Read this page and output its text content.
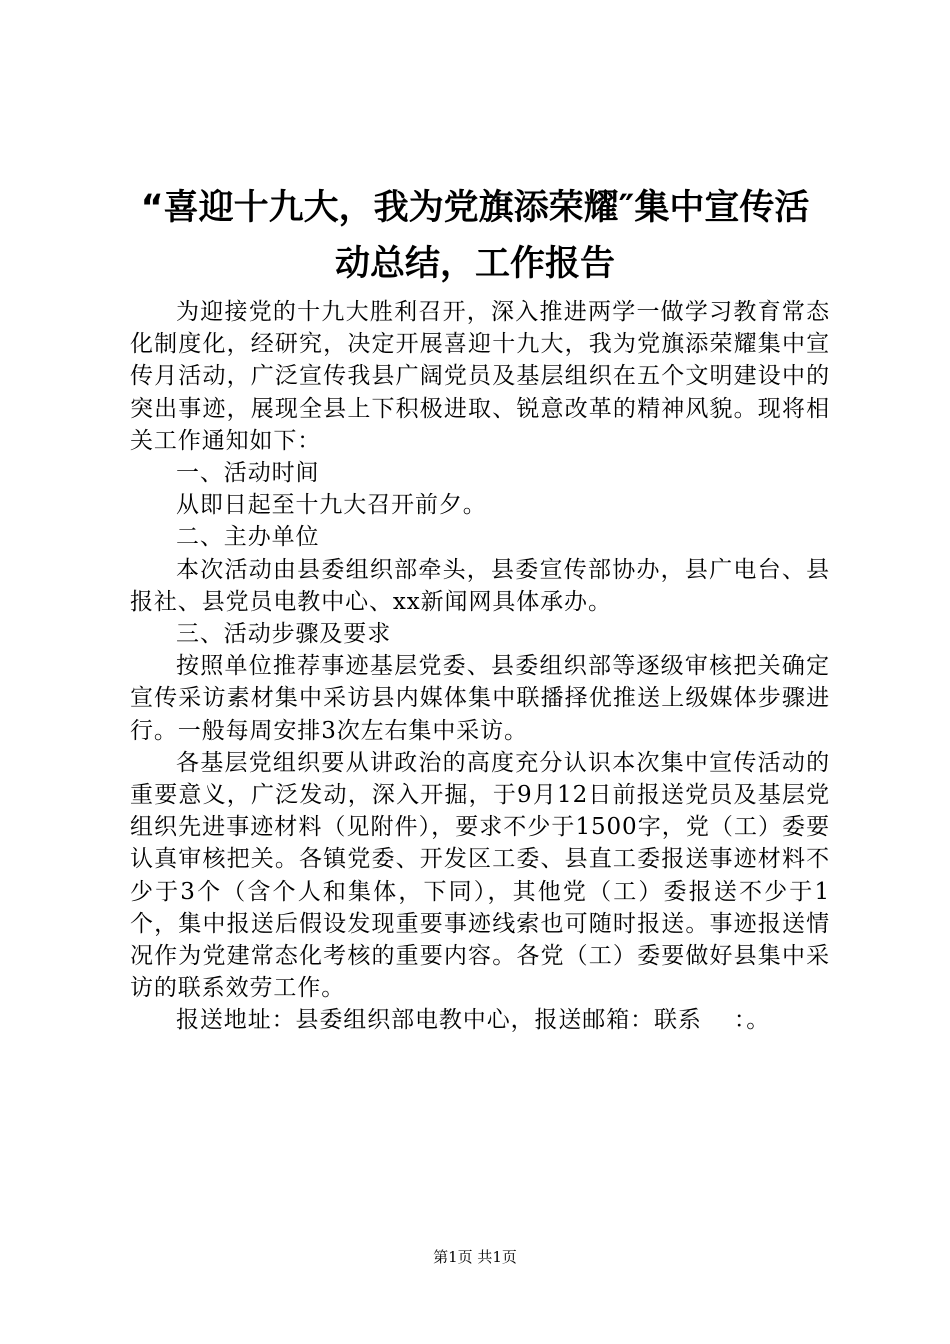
“喜迎十九大，我为党旗添荣耀″集中宣传活
动总结，工作报告

为迎接党的十九大胜利召开，深入推进两学一做学习教育常态化制度化，经研究，决定开展喜迎十九大，我为党旗添荣耀集中宣传月活动，广泛宣传我县广阔党员及基层组织在五个文明建设中的突出事迹，展现全县上下积极进取、锐意改革的精神风貌。现将相关工作通知如下：

一、活动时间

从即日起至十九大召开前夕。

二、主办单位

本次活动由县委组织部牵头，县委宣传部协办，县广电台、县报社、县党员电教中心、xx新闻网具体承办。

三、活动步骤及要求

按照单位推荐事迹基层党委、县委组织部等逐级审核把关确定宣传采访素材集中采访县内媒体集中联播择优推送上级媒体步骤进行。一般每周安排3次左右集中采访。

各基层党组织要从讲政治的高度充分认识本次集中宣传活动的重要意义，广泛发动，深入开掘，于9月12日前报送党员及基层党组织先进事迹材料（见附件），要求不少于1500字，党（工）委要认真审核把关。各镇党委、开发区工委、县直工委报送事迹材料不少于3个（含个人和集体，下同），其他党（工）委报送不少于1个，集中报送后假设发现重要事迹线索也可随时报送。事迹报送情况作为党建常态化考核的重要内容。各党（工）委要做好县集中采访的联系效劳工作。

报送地址：县委组织部电教中心，报送邮箱：联系　 ：。

第1页 共1页
